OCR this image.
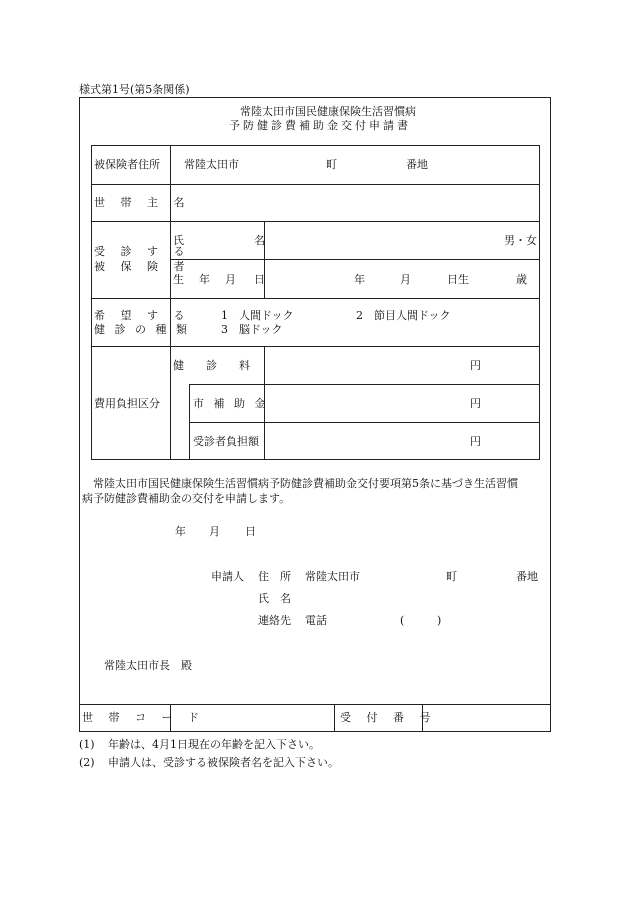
様式第1号(第5条関係)
常陸太田市国民健康保険生活習慣病
予防健診費補助金交付申請書
被保険者住所 常陸太田市	町	番地
世 帯 主 名
受 診 す る
被 保 険 者
氏	名	男・女
生 年 月 日	年	月	日生	歳
希 望 す る
健 診 の 種 類
1　人間ドック	2　節目人間ドック
3　脳ドック
費用負担区分
健　　診　　料	円
市 補 助 金	円
受診者負担額	円
常陸太田市国民健康保険生活習慣病予防健診費補助金交付要項第5条に基づき生活習慣
病予防健診費補助金の交付を申請します。
年 月 日
申請人 住　所 常陸太田市	町	番地
氏　名
連絡先 電話	(	)
常陸太田市長　殿
世 帯 コ ー ド	受 付 番 号
(1) 年齢は、4月1日現在の年齢を記入下さい。
(2) 申請人は、受診する被保険者名を記入下さい。
